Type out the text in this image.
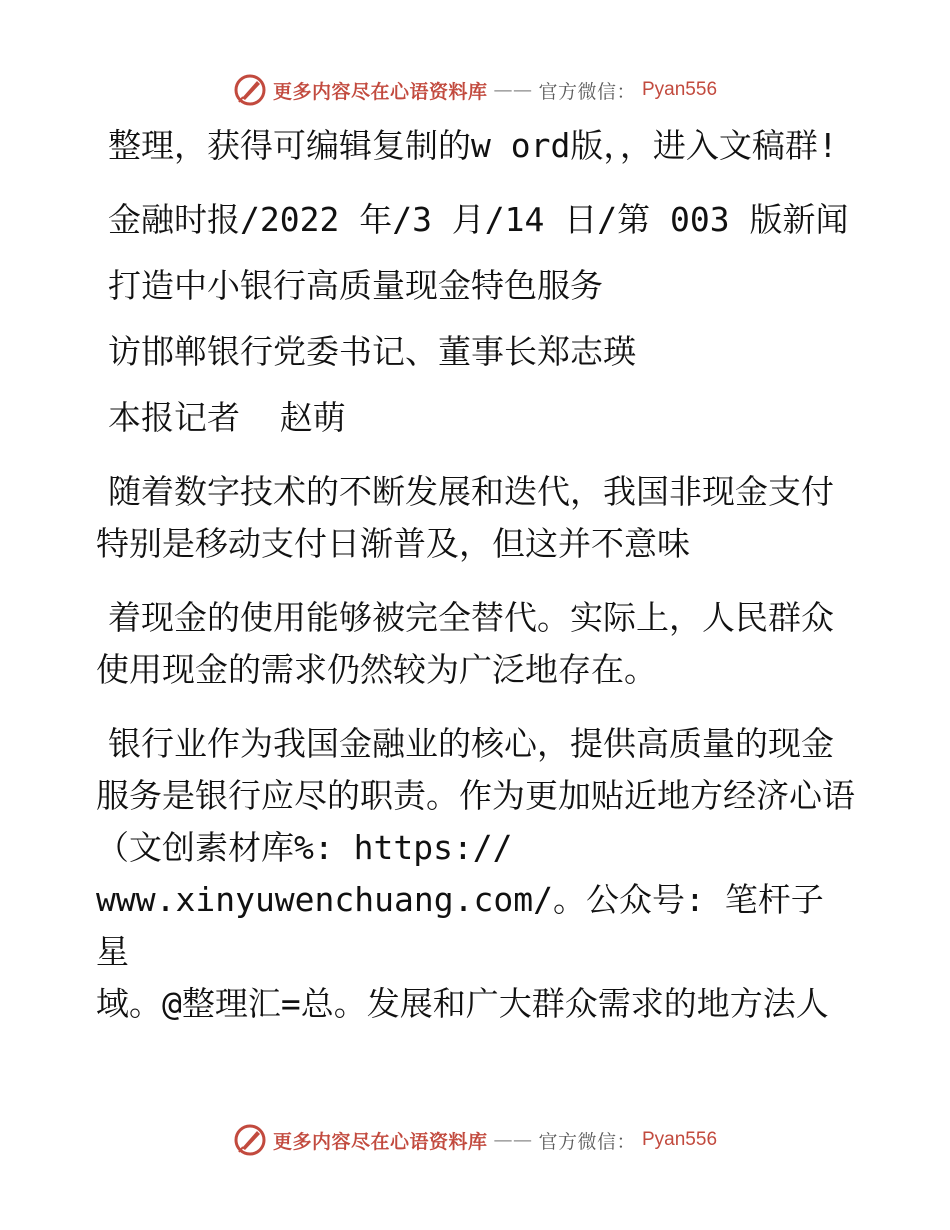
更多内容尽在心语资料库 —— 官方微信： Pyan556

整理，获得可编辑复制的w ord版，，进入文稿群!

金融时报/2022 年/3 月/14 日/第 003 版新闻

打造中小银行高质量现金特色服务

访邯郸银行党委书记、董事长郑志瑛

本报记者  赵萌

随着数字技术的不断发展和迭代，我国非现金支付特别是移动支付日渐普及，但这并不意味

着现金的使用能够被完全替代。实际上，人民群众使用现金的需求仍然较为广泛地存在。

银行业作为我国金融业的核心，提供高质量的现金服务是银行应尽的职责。作为更加贴近地方经济心语（文创素材库%: https://

www.xinyuwenchuang.com/。公众号: 笔杆子星

域。@整理汇=总。发展和广大群众需求的地方法人

更多内容尽在心语资料库 —— 官方微信： Pyan556
